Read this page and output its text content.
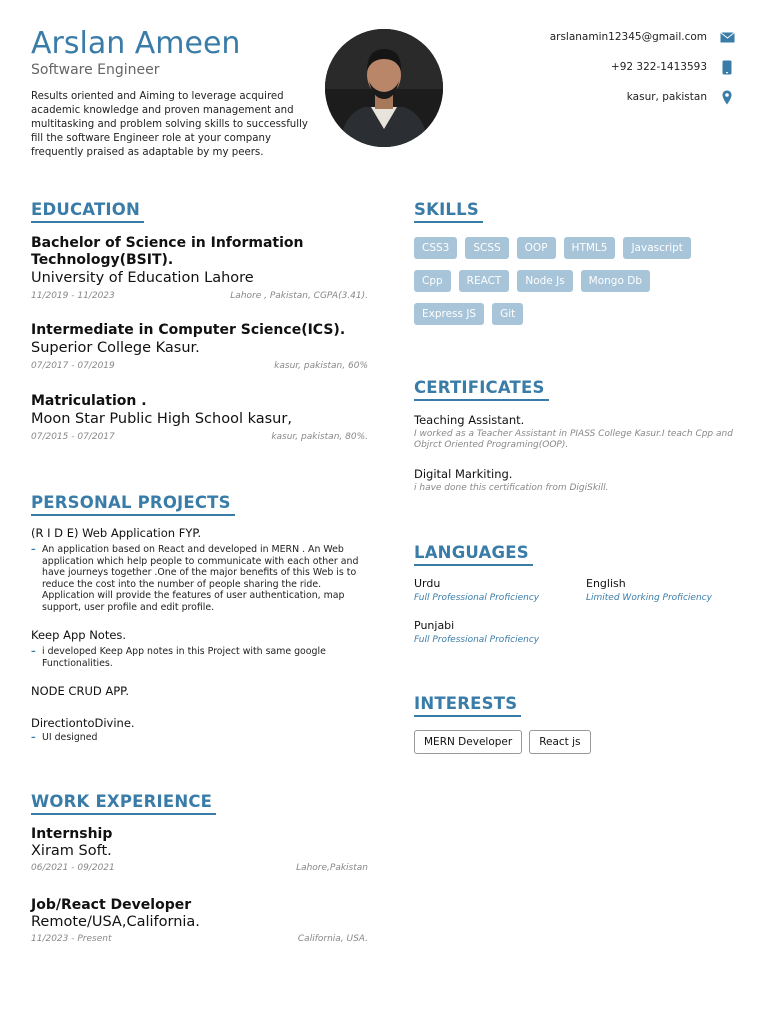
Arslan Ameen
Software Engineer
Results oriented and Aiming to leverage acquired academic knowledge and proven management and multitasking and problem solving skills to successfully fill the software Engineer role at your company frequently praised as adaptable by my peers.
arslanamin12345@gmail.com
+92 322-1413593
kasur, pakistan
EDUCATION
Bachelor of Science in Information Technology(BSIT).
University of Education Lahore
11/2019 - 11/2023	Lahore , Pakistan, CGPA(3.41).
Intermediate in Computer Science(ICS).
Superior College Kasur.
07/2017 - 07/2019	kasur, pakistan, 60%
Matriculation .
Moon Star Public High School kasur,
07/2015 - 07/2017	kasur, pakistan, 80%.
PERSONAL PROJECTS
(R I D E) Web Application FYP.
– An application based on React and developed in MERN . An Web application which help people to communicate with each other and have journeys together .One of the major benefits of this Web is to reduce the cost into the number of people sharing the ride. Application will provide the features of user authentication, map support, user profile and edit profile.
Keep App Notes.
– i developed Keep App notes in this Project with same google Functionalities.
NODE CRUD APP.
DirectiontoDivine.
– UI designed
WORK EXPERIENCE
Internship
Xiram Soft.
06/2021 - 09/2021	Lahore,Pakistan
Job/React Developer
Remote/USA,California.
11/2023 - Present	California, USA.
SKILLS
CSS3	SCSS	OOP	HTML5	Javascript
Cpp	REACT	Node Js	Mongo Db
Express JS	Git
CERTIFICATES
Teaching Assistant.
I worked as a Teacher Assistant in PIASS College Kasur.I teach Cpp and Objrct Oriented Programing(OOP).
Digital Markiting.
i have done this certification from DigiSkill.
LANGUAGES
Urdu
Full Professional Proficiency
English
Limited Working Proficiency
Punjabi
Full Professional Proficiency
INTERESTS
MERN Developer	React js
